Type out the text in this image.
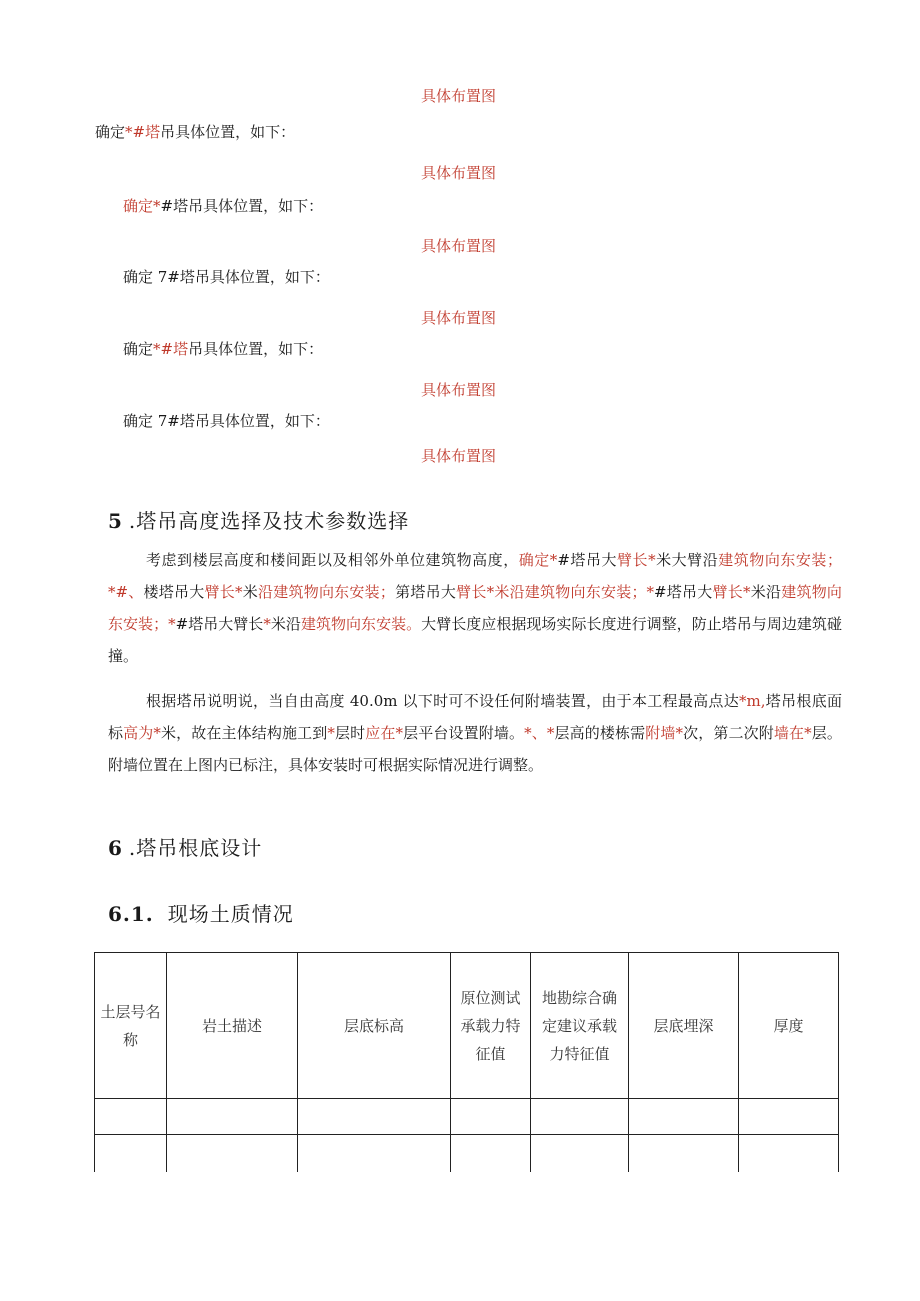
具体布置图
确定*#塔吊具体位置，如下：
具体布置图
确定*#塔吊具体位置，如下：
具体布置图
确定 7#塔吊具体位置，如下：
具体布置图
确定*#塔吊具体位置，如下：
具体布置图
确定 7#塔吊具体位置，如下：
具体布置图
5 .塔吊高度选择及技术参数选择

考虑到楼层高度和楼间距以及相邻外单位建筑物高度，确定*#塔吊大臂长*米大臂沿建筑物向东安装；*#、楼塔吊大臂长*米沿建筑物向东安装；第塔吊大臂长*米沿建筑物向东安装；*#塔吊大臂长*米沿建筑物向东安装；*#塔吊大臂长*米沿建筑物向东安装。大臂长度应根据现场实际长度进行调整，防止塔吊与周边建筑碰撞。

根据塔吊说明说，当自由高度 40.0m 以下时可不设任何附墙装置，由于本工程最高点达*m,塔吊根底面标高为*米，故在主体结构施工到*层时应在*层平台设置附墙。*、*层高的楼栋需附墙*次，第二次附墙在*层。附墙位置在上图内已标注，具体安装时可根据实际情况进行调整。

6 .塔吊根底设计
6.1. 现场土质情况
土层号名称	岩土描述	层底标高	原位测试承载力特征值	地勘综合确定建议承载力特征值	层底埋深	厚度
